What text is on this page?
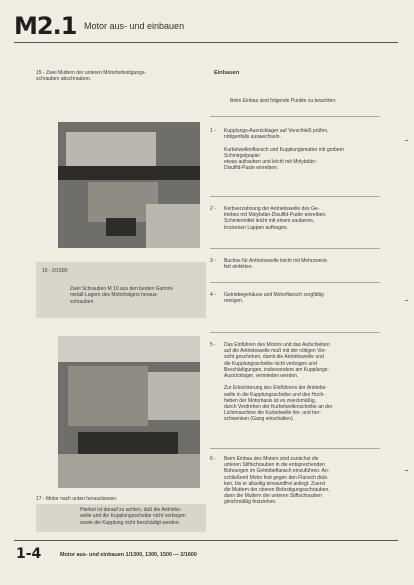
M2.1 Motor aus- und einbauen
15 - Zwei Muttern der unteren Motorbefestigungs-
schrauben abschrauben.
16 - 2/1600:
Zwei Schrauben M 10 aus den beiden Gummi-
metall-Lagern des Motorträgers heraus-
schrauben.
17 - Motor nach unten herauslassen.
Hierbei ist darauf zu achten, daß die Antriebs-
welle und die Kupplungsscheibe nicht verbogen
sowie die Kupplung nicht beschädigt werden.
Einbauen
Beim Einbau sind folgende Punkte zu beachten:
1 - Kupplungs-Ausrücklager auf Verschleiß prüfen,
nötigenfalls auswechseln.

Kurbelwellenflansch und Kupplungsmutter mit grobem Schmirgelpapier
etwas aufrauhen und leicht mit Molybdän-
Disulfid-Paste einreiben.
2 - Kerbverzahnung der Antriebswelle des Ge-
triebes mit Molybdän-Disulfid-Puder einreiben.
Schmiermittel leicht mit einem sauberen,
trockenen Lappen auftragen.
3 - Buchse für Antriebswelle leicht mit Mehrzweck-
fett einfetten.
4 - Getriebegehäuse und Motorflansch sorgfältig
reinigen.
5 - Das Einführen des Motors und das Aufschieben
auf die Antriebswelle muß mit der nötigen Vor-
sicht geschehen, damit die Antriebswelle und
die Kupplungsscheibe nicht verbogen und
Beschädigungen, insbesondere am Kupplungs-
Ausrücklager, vermieden werden.

Zur Erleichterung des Einführens der Antriebs-
welle in die Kupplungsscheibe und des Hoch-
heben der Motorbasis ist es zweckmäßig,
durch Verdrehen der Kurbelwellenscheibe an der
Lichtmaschine die Kurbelwelle hin- und her-
schwenken (Gang einschalten).
6 - Beim Einbau des Motors sind zunächst die
unteren Stiftschrauben in die entsprechenden
Bohrungen im Getriebeflansch einzuführen. An-
schließend Motor fest gegen den Flansch drük-
ken, bis er allseitig einwandfrei anliegt. Zuerst
die Muttern der oberen Befestigungsschrauben,
dann die Muttern der unteren Stiftschrauben
gleichmäßig festziehen.
1-4	Motor aus- und einbauen 1/1300, 1300, 1500 — 2/1600
